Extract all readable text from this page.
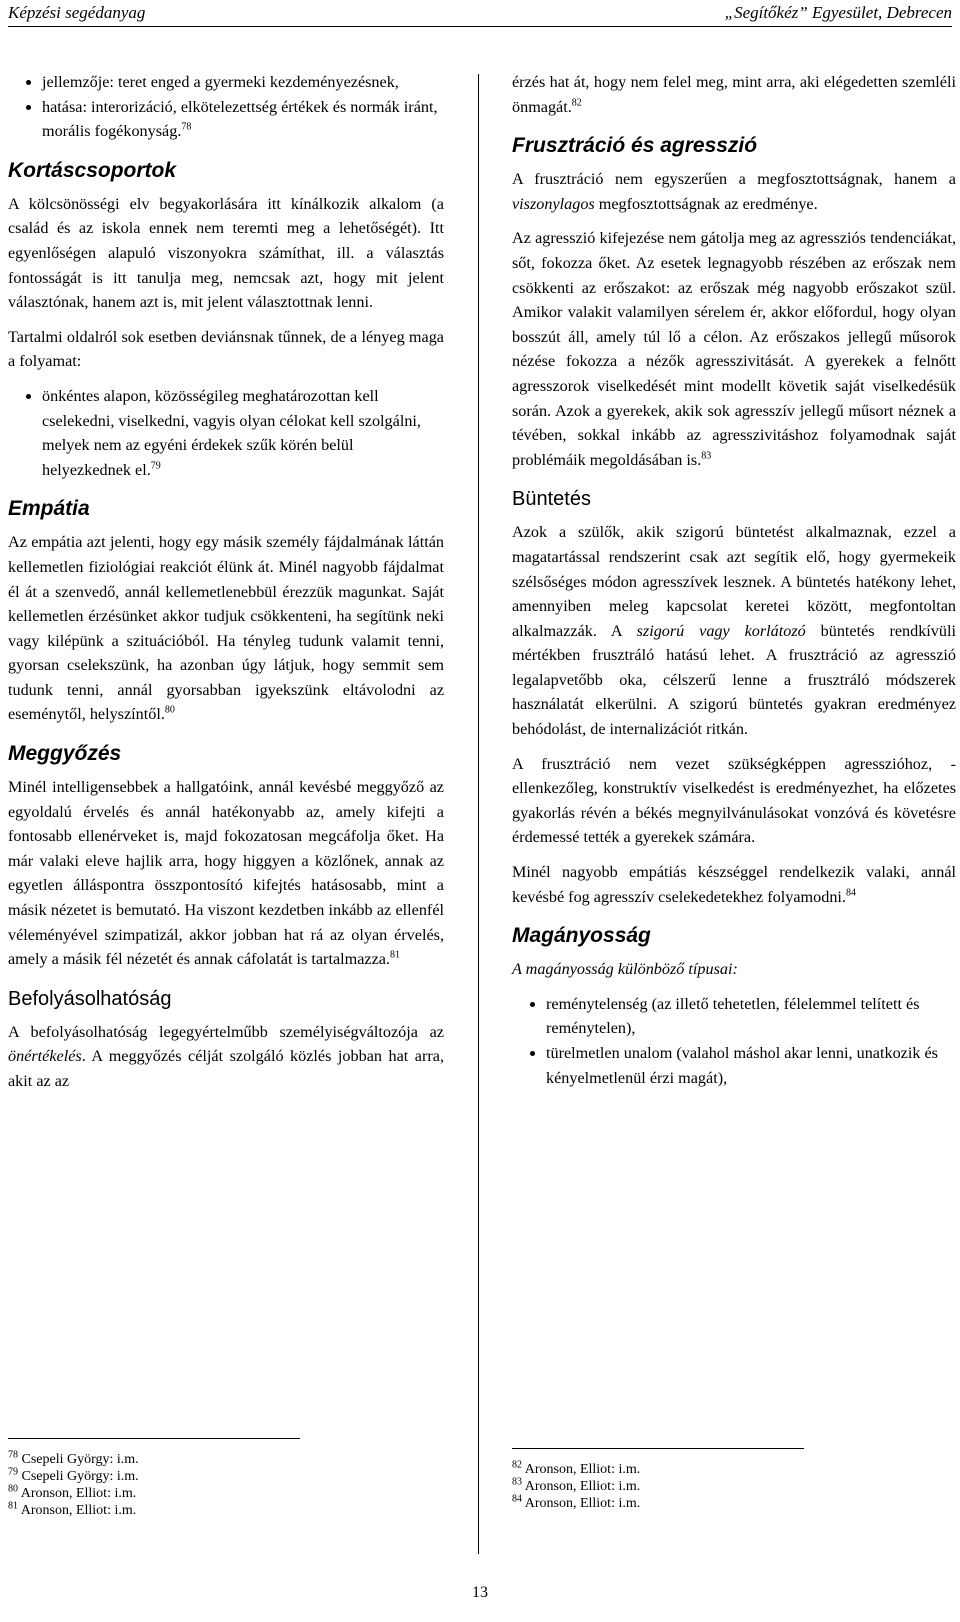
Képzési segédanyag	„Segítőkéz” Egyesület, Debrecen
• jellemzője: teret enged a gyermeki kezdeményezésnek,
• hatása: interorizáció, elkötelezettség értékek és normák iránt, morális fogékonyság.$^{78}$
Kortáscsoportok

A kölcsönösségi elv begyakorlására itt kínálkozik alkalom (a család és az iskola ennek nem teremti meg a lehetőségét). Itt egyenlőségen alapuló viszonyokra számíthat, ill. a választás fontosságát is itt tanulja meg, nemcsak azt, hogy mit jelent választónak, hanem azt is, mit jelent választottnak lenni.

Tartalmi oldalról sok esetben deviánsnak tűnnek, de a lényeg maga a folyamat:

• önkéntes alapon, közösségileg meghatározottan kell cselekedni, viselkedni, vagyis olyan célokat kell szolgálni, melyek nem az egyéni érdekek szűk körén belül helyezkednek el.$^{79}$
Empátia

Az empátia azt jelenti, hogy egy másik személy fájdalmának láttán kellemetlen fiziológiai reakciót élünk át. Minél nagyobb fájdalmat él át a szenvedő, annál kellemetlenebbül érezzük magunkat. Saját kellemetlen érzésünket akkor tudjuk csökkenteni, ha segítünk neki vagy kilépünk a szituációból. Ha tényleg tudunk valamit tenni, gyorsan cselekszünk, ha azonban úgy látjuk, hogy semmit sem tudunk tenni, annál gyorsabban igyekszünk eltávolodni az eseménytől, helyszíntől.$^{80}$

Meggyőzés

Minél intelligensebbek a hallgatóink, annál kevésbé meggyőző az egyoldalú érvelés és annál hatékonyabb az, amely kifejti a fontosabb ellenérveket is, majd fokozatosan megcáfolja őket. Ha már valaki eleve hajlik arra, hogy higgyen a közlőnek, annak az egyetlen álláspontra összpontosító kifejtés hatásosabb, mint a másik nézetet is bemutató. Ha viszont kezdetben inkább az ellenfél véleményével szimpatizál, akkor jobban hat rá az olyan érvelés, amely a másik fél nézetét és annak cáfolatát is tartalmazza.$^{81}$

Befolyásolhatóság

A befolyásolhatóság legegyértelműbb személyiségváltozója az önértékelés. A meggyőzés célját szolgáló közlés jobban hat arra, akit az az

$^{78}$ Csepeli György: i.m.
$^{79}$ Csepeli György: i.m.
$^{80}$ Aronson, Elliot: i.m.
$^{81}$ Aronson, Elliot: i.m.

érzés hat át, hogy nem felel meg, mint arra, aki elégedetten szemléli önmagát.$^{82}$

Frusztráció és agresszió

A frusztráció nem egyszerűen a megfosztottságnak, hanem a viszonylagos megfosztottságnak az eredménye.

Az agresszió kifejezése nem gátolja meg az agressziós tendenciákat, sőt, fokozza őket. Az esetek legnagyobb részében az erőszak nem csökkenti az erőszakot: az erőszak még nagyobb erőszakot szül. Amikor valakit valamilyen sérelem ér, akkor előfordul, hogy olyan bosszút áll, amely túl lő a célon. Az erőszakos jellegű műsorok nézése fokozza a nézők agresszivitását. A gyerekek a felnőtt agresszorok viselkedését mint modellt követik saját viselkedésük során. Azok a gyerekek, akik sok agresszív jellegű műsort néznek a tévében, sokkal inkább az agresszivitáshoz folyamodnak saját problémáik megoldásában is.$^{83}$

Büntetés

Azok a szülők, akik szigorú büntetést alkalmaznak, ezzel a magatartással rendszerint csak azt segítik elő, hogy gyermekeik szélsőséges módon agresszívek lesznek. A büntetés hatékony lehet, amennyiben meleg kapcsolat keretei között, megfontoltan alkalmazzák. A szigorú vagy korlátozó büntetés rendkívüli mértékben frusztráló hatású lehet. A frusztráció az agresszió legalapvetőbb oka, célszerű lenne a frusztráló módszerek használatát elkerülni. A szigorú büntetés gyakran eredményez behódolást, de internalizációt ritkán.

A frusztráció nem vezet szükségképpen agresszióhoz, - ellenkezőleg, konstruktív viselkedést is eredményezhet, ha előzetes gyakorlás révén a békés megnyilvánulásokat vonzóvá és követésre érdemessé tették a gyerekek számára.

Minél nagyobb empátiás készséggel rendelkezik valaki, annál kevésbé fog agresszív cselekedetekhez folyamodni.$^{84}$

Magányosság

A magányosság különböző típusai:

• reménytelenség (az illető tehetetlen, félelemmel telített és reménytelen),
• türelmetlen unalom (valahol máshol akar lenni, unatkozik és kényelmetlenül érzi magát),
$^{82}$ Aronson, Elliot: i.m.
$^{83}$ Aronson, Elliot: i.m.
$^{84}$ Aronson, Elliot: i.m.
13
